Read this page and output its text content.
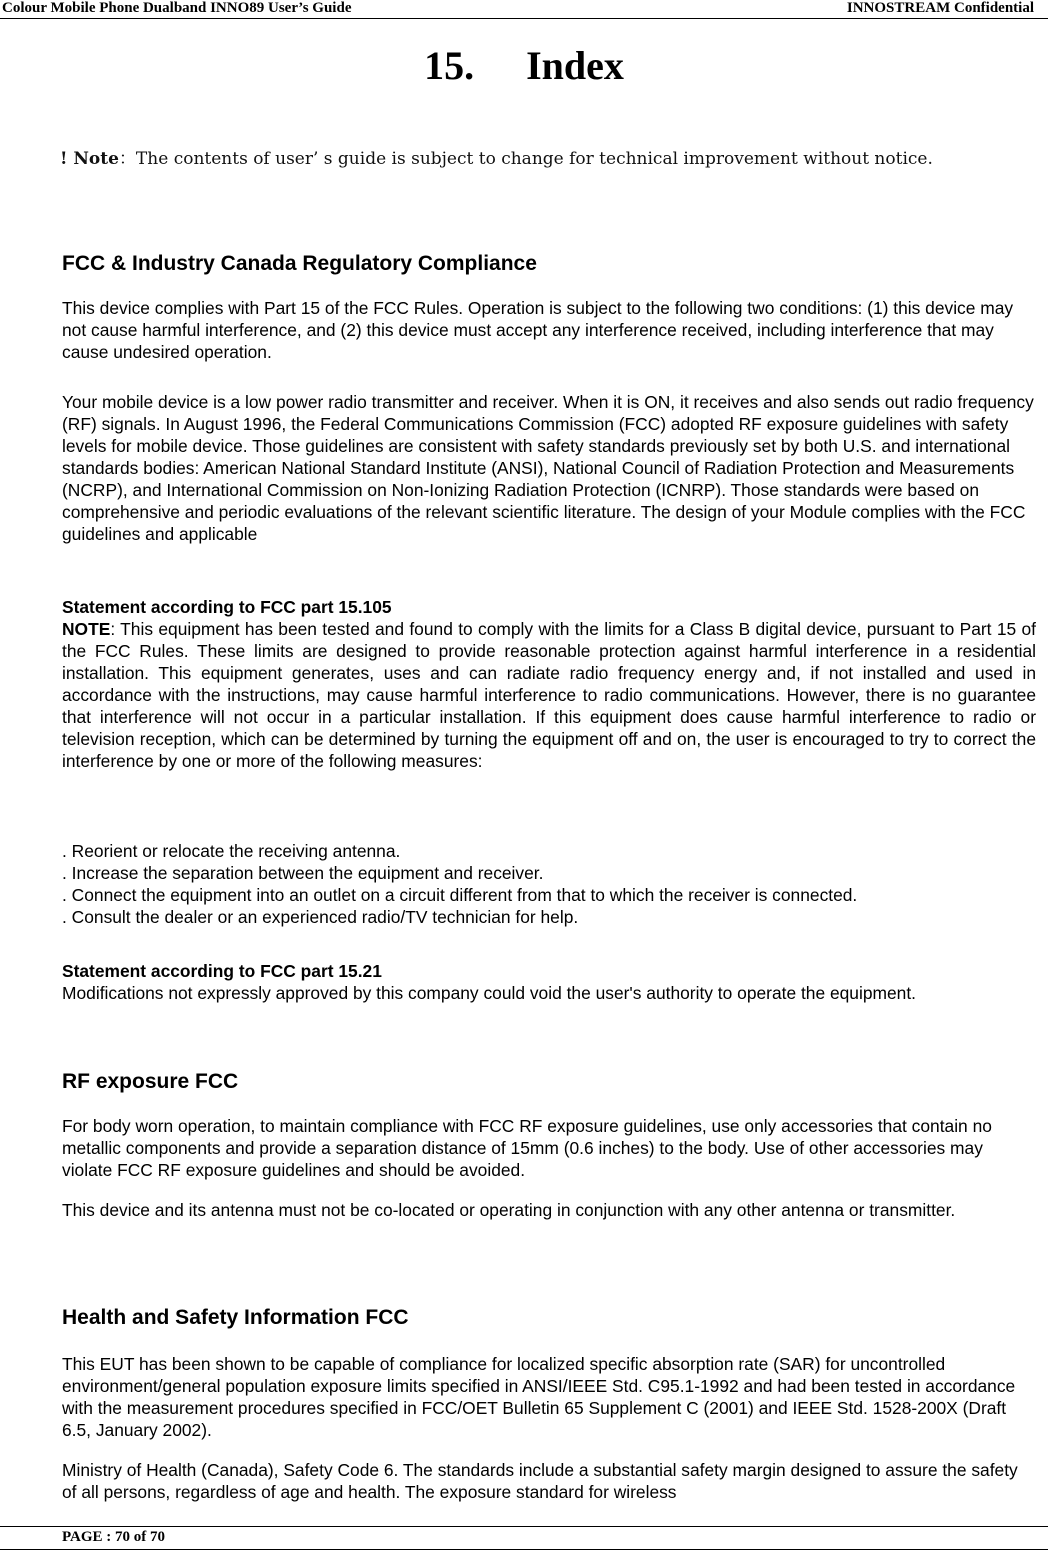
Colour Mobile Phone Dualband INNO89 User’s Guide	INNOSTREAM Confidential
15. Index
! Note：The contents of user’ s guide is subject to change for technical improvement without notice.
FCC & Industry Canada Regulatory Compliance

This device complies with Part 15 of the FCC Rules. Operation is subject to the following two conditions: (1) this device may not cause harmful interference, and (2) this device must accept any interference received, including interference that may cause undesired operation.

Your mobile device is a low power radio transmitter and receiver. When it is ON, it receives and also sends out radio frequency (RF) signals. In August 1996, the Federal Communications Commission (FCC) adopted RF exposure guidelines with safety levels for mobile device. Those guidelines are consistent with safety standards previously set by both U.S. and international standards bodies: American National Standard Institute (ANSI), National Council of Radiation Protection and Measurements (NCRP), and International Commission on Non-Ionizing Radiation Protection (ICNRP). Those standards were based on comprehensive and periodic evaluations of the relevant scientific literature. The design of your Module complies with the FCC guidelines and applicable

Statement according to FCC part 15.105

NOTE: This equipment has been tested and found to comply with the limits for a Class B digital device, pursuant to Part 15 of the FCC Rules. These limits are designed to provide reasonable protection against harmful interference in a residential installation. This equipment generates, uses and can radiate radio frequency energy and, if not installed and used in accordance with the instructions, may cause harmful interference to radio communications. However, there is no guarantee that interference will not occur in a particular installation. If this equipment does cause harmful interference to radio or television reception, which can be determined by turning the equipment off and on, the user is encouraged to try to correct the interference by one or more of the following measures:

. Reorient or relocate the receiving antenna.

. Increase the separation between the equipment and receiver.

. Connect the equipment into an outlet on a circuit different from that to which the receiver is connected.

. Consult the dealer or an experienced radio/TV technician for help.

Statement according to FCC part 15.21

Modifications not expressly approved by this company could void the user's authority to operate the equipment.

RF exposure FCC

For body worn operation, to maintain compliance with FCC RF exposure guidelines, use only accessories that contain no metallic components and provide a separation distance of 15mm (0.6 inches) to the body. Use of other accessories may violate FCC RF exposure guidelines and should be avoided.

This device and its antenna must not be co-located or operating in conjunction with any other antenna or transmitter.

Health and Safety Information FCC

This EUT has been shown to be capable of compliance for localized specific absorption rate (SAR) for uncontrolled environment/general population exposure limits specified in ANSI/IEEE Std. C95.1-1992 and had been tested in accordance with the measurement procedures specified in FCC/OET Bulletin 65 Supplement C (2001) and IEEE Std. 1528-200X (Draft 6.5, January 2002).

Ministry of Health (Canada), Safety Code 6. The standards include a substantial safety margin designed to assure the safety of all persons, regardless of age and health. The exposure standard for wireless

PAGE : 70 of 70
